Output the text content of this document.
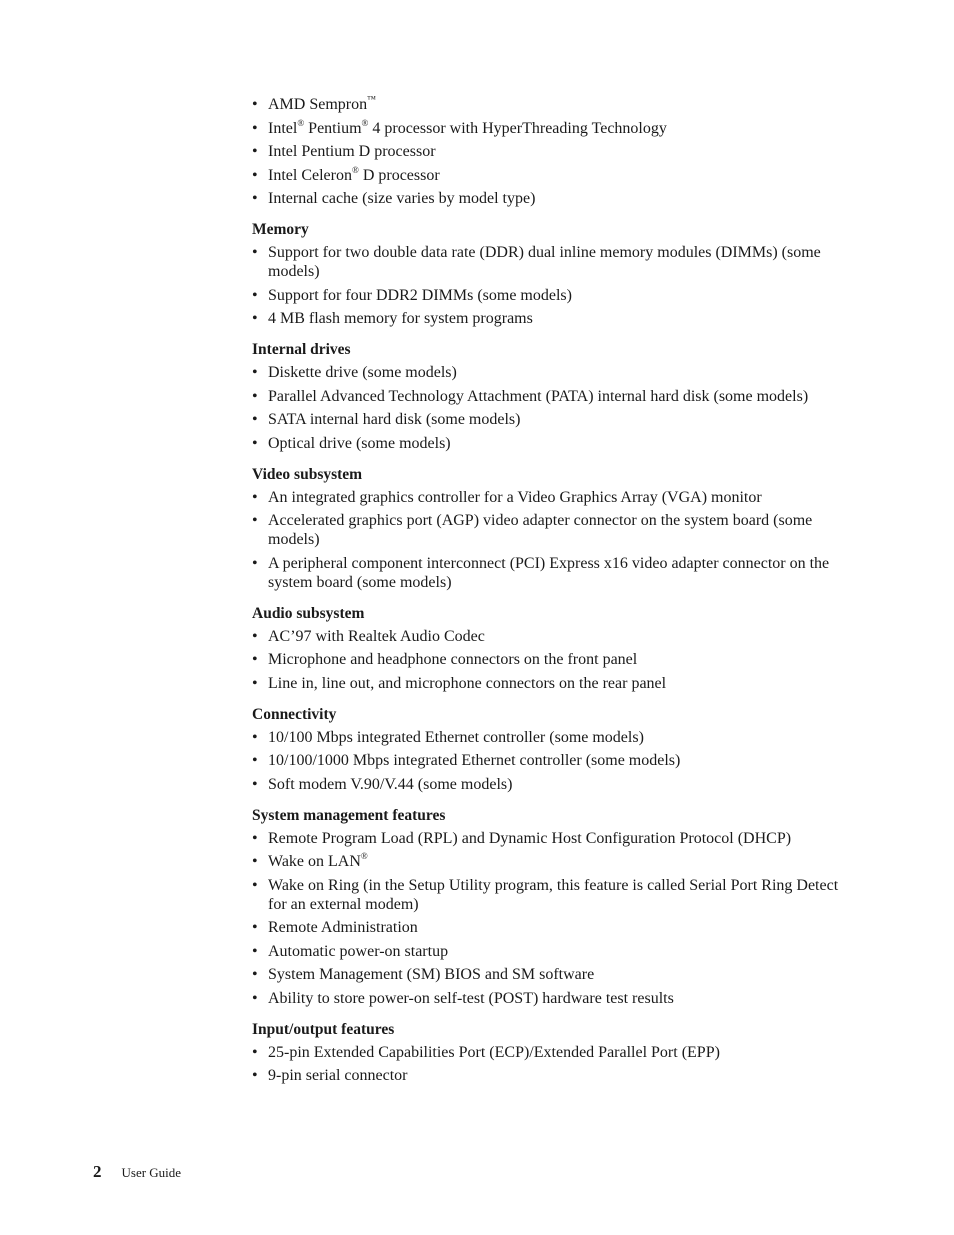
• AMD Sempron™
• Intel® Pentium® 4 processor with HyperThreading Technology
• Intel Pentium D processor
• Intel Celeron® D processor
• Internal cache (size varies by model type)
Memory
• Support for two double data rate (DDR) dual inline memory modules (DIMMs) (some models)
• Support for four DDR2 DIMMs (some models)
• 4 MB flash memory for system programs
Internal drives
• Diskette drive (some models)
• Parallel Advanced Technology Attachment (PATA) internal hard disk (some models)
• SATA internal hard disk (some models)
• Optical drive (some models)
Video subsystem
• An integrated graphics controller for a Video Graphics Array (VGA) monitor
• Accelerated graphics port (AGP) video adapter connector on the system board (some models)
• A peripheral component interconnect (PCI) Express x16 video adapter connector on the system board (some models)
Audio subsystem
• AC’97 with Realtek Audio Codec
• Microphone and headphone connectors on the front panel
• Line in, line out, and microphone connectors on the rear panel
Connectivity
• 10/100 Mbps integrated Ethernet controller (some models)
• 10/100/1000 Mbps integrated Ethernet controller (some models)
• Soft modem V.90/V.44 (some models)
System management features
• Remote Program Load (RPL) and Dynamic Host Configuration Protocol (DHCP)
• Wake on LAN®
• Wake on Ring (in the Setup Utility program, this feature is called Serial Port Ring Detect for an external modem)
• Remote Administration
• Automatic power-on startup
• System Management (SM) BIOS and SM software
• Ability to store power-on self-test (POST) hardware test results
Input/output features
• 25-pin Extended Capabilities Port (ECP)/Extended Parallel Port (EPP)
• 9-pin serial connector
2 User Guide
